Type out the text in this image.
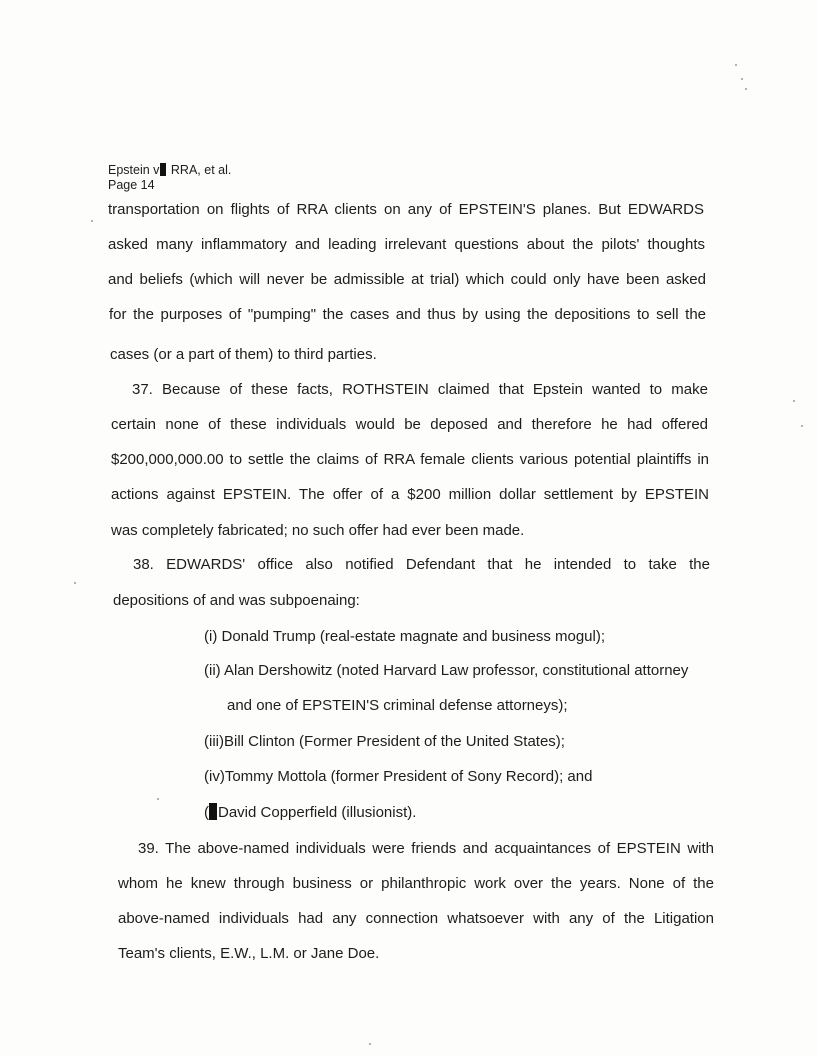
Epstein v RRA, et al.
Page 14
transportation on flights of RRA clients on any of EPSTEIN'S planes. But EDWARDS
asked many inflammatory and leading irrelevant questions about the pilots' thoughts
and beliefs (which will never be admissible at trial) which could only have been asked
for the purposes of "pumping" the cases and thus by using the depositions to sell the
cases (or a part of them) to third parties.
37. Because of these facts, ROTHSTEIN claimed that Epstein wanted to make
certain none of these individuals would be deposed and therefore he had offered
$200,000,000.00 to settle the claims of RRA female clients various potential plaintiffs in
actions against EPSTEIN. The offer of a $200 million dollar settlement by EPSTEIN
was completely fabricated; no such offer had ever been made.
38. EDWARDS' office also notified Defendant that he intended to take the
depositions of and was subpoenaing:
(i) Donald Trump (real-estate magnate and business mogul);
(ii) Alan Dershowitz (noted Harvard Law professor, constitutional attorney
and one of EPSTEIN'S criminal defense attorneys);
(iii)Bill Clinton (Former President of the United States);
(iv)Tommy Mottola (former President of Sony Record); and
( David Copperfield (illusionist).
39. The above-named individuals were friends and acquaintances of EPSTEIN with
whom he knew through business or philanthropic work over the years. None of the
above-named individuals had any connection whatsoever with any of the Litigation
Team's clients, E.W., L.M. or Jane Doe.
